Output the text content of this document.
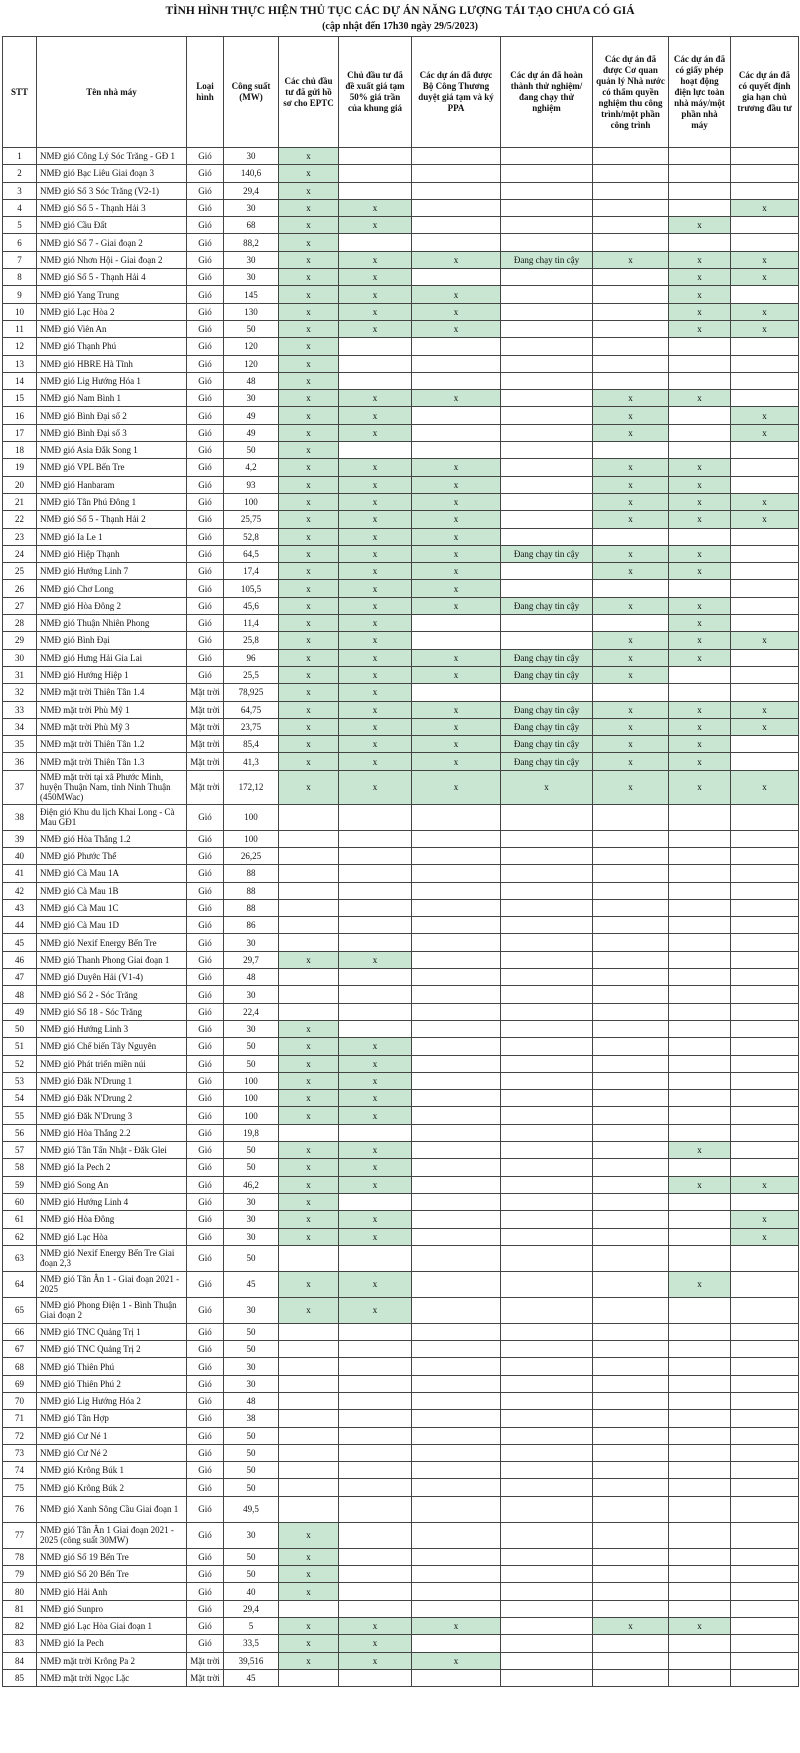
TÌNH HÌNH THỰC HIỆN THỦ TỤC CÁC DỰ ÁN NĂNG LƯỢNG TÁI TẠO CHƯA CÓ GIÁ
(cập nhật đến 17h30 ngày 29/5/2023)
STT	Tên nhà máy	Loại hình	Công suất (MW)	Các chủ đầu tư đã gửi hồ sơ cho EPTC	Chủ đầu tư đã đề xuất giá tạm 50% giá trần của khung giá	Các dự án đã được Bộ Công Thương duyệt giá tạm và ký PPA	Các dự án đã hoàn thành thử nghiệm/đang chạy thử nghiệm	Các dự án đã được Cơ quan quản lý Nhà nước có thẩm quyền nghiệm thu công trình/một phần công trình	Các dự án đã có giấy phép hoạt động điện lực toàn nhà máy/một phần nhà máy	Các dự án đã có quyết định gia hạn chủ trương đầu tư
1	NMĐ gió Công Lý Sóc Trăng - GĐ 1	Gió	30	x						
2	NMĐ gió Bạc Liêu Giai đoạn 3	Gió	140,6	x						
3	NMĐ gió Số 3 Sóc Trăng (V2-1)	Gió	29,4	x						
4	NMĐ gió Số 5 - Thạnh Hải 3	Gió	30	x	x					x
5	NMĐ gió Cầu Đất	Gió	68	x	x				x	
6	NMĐ gió Số 7 - Giai đoạn 2	Gió	88,2	x						
7	NMĐ gió Nhơn Hội - Giai đoạn 2	Gió	30	x	x	x	Đang chạy tin cậy	x	x	x
8	NMĐ gió Số 5 - Thạnh Hải 4	Gió	30	x	x				x	x
9	NMĐ gió Yang Trung	Gió	145	x	x	x			x	
10	NMĐ gió Lạc Hòa 2	Gió	130	x	x	x			x	x
11	NMĐ gió Viên An	Gió	50	x	x	x			x	x
12	NMĐ gió Thạnh Phú	Gió	120	x						
13	NMĐ gió HBRE Hà Tĩnh	Gió	120	x						
14	NMĐ gió Lig Hướng Hóa 1	Gió	48	x						
15	NMĐ gió Nam Bình 1	Gió	30	x	x	x		x	x	
16	NMĐ gió Bình Đại số 2	Gió	49	x	x			x		x
17	NMĐ gió Bình Đại số 3	Gió	49	x	x			x		x
18	NMĐ gió Asia Đắk Song 1	Gió	50	x						
19	NMĐ gió VPL Bến Tre	Gió	4,2	x	x	x		x	x	
20	NMĐ gió Hanbaram	Gió	93	x	x	x		x	x	
21	NMĐ gió Tân Phú Đông 1	Gió	100	x	x	x		x	x	x
22	NMĐ gió Số 5 - Thạnh Hải 2	Gió	25,75	x	x	x		x	x	x
23	NMĐ gió Ia Le 1	Gió	52,8	x	x	x				
24	NMĐ gió Hiệp Thạnh	Gió	64,5	x	x	x	Đang chạy tin cậy	x	x	
25	NMĐ gió Hướng Linh 7	Gió	17,4	x	x	x		x	x	
26	NMĐ gió Chơ Long	Gió	105,5	x	x	x				
27	NMĐ gió Hòa Đông 2	Gió	45,6	x	x	x	Đang chạy tin cậy	x	x	
28	NMĐ gió Thuận Nhiên Phong	Gió	11,4	x	x				x	
29	NMĐ gió Bình Đại	Gió	25,8	x	x			x	x	x
30	NMĐ gió Hưng Hải Gia Lai	Gió	96	x	x	x	Đang chạy tin cậy	x	x	
31	NMĐ gió Hướng Hiệp 1	Gió	25,5	x	x	x	Đang chạy tin cậy	x		
32	NMĐ mặt trời Thiên Tân 1.4	Mặt trời	78,925	x	x					
33	NMĐ mặt trời Phù Mỹ 1	Mặt trời	64,75	x	x	x	Đang chạy tin cậy	x	x	x
34	NMĐ mặt trời Phù Mỹ 3	Mặt trời	23,75	x	x	x	Đang chạy tin cậy	x	x	x
35	NMĐ mặt trời Thiên Tân 1.2	Mặt trời	85,4	x	x	x	Đang chạy tin cậy	x	x	
36	NMĐ mặt trời Thiên Tân 1.3	Mặt trời	41,3	x	x	x	Đang chạy tin cậy	x	x	
37	NMĐ mặt trời tại xã Phước Minh, huyện Thuận Nam, tỉnh Ninh Thuận (450MWac)	Mặt trời	172,12	x	x	x	x	x	x	x
38	Điện gió Khu du lịch Khai Long - Cà Mau GĐ1	Gió	100							
39	NMĐ gió Hòa Thắng 1.2	Gió	100							
40	NMĐ gió Phước Thể	Gió	26,25							
41	NMĐ gió Cà Mau 1A	Gió	88							
42	NMĐ gió Cà Mau 1B	Gió	88							
43	NMĐ gió Cà Mau 1C	Gió	88							
44	NMĐ gió Cà Mau 1D	Gió	86							
45	NMĐ gió Nexif Energy Bến Tre	Gió	30							
46	NMĐ gió Thanh Phong Giai đoạn 1	Gió	29,7	x	x					
47	NMĐ gió Duyên Hải (V1-4)	Gió	48							
48	NMĐ gió Số 2 - Sóc Trăng	Gió	30							
49	NMĐ gió Số 18 - Sóc Trăng	Gió	22,4							
50	NMĐ gió Hướng Linh 3	Gió	30	x						
51	NMĐ gió Chế biến Tây Nguyên	Gió	50	x	x					
52	NMĐ gió Phát triển miền núi	Gió	50	x	x					
53	NMĐ gió Đăk N'Drung 1	Gió	100	x	x					
54	NMĐ gió Đăk N'Drung 2	Gió	100	x	x					
55	NMĐ gió Đăk N'Drung 3	Gió	100	x	x					
56	NMĐ gió Hòa Thắng 2.2	Gió	19,8							
57	NMĐ gió Tân Tấn Nhật - Đăk Glei	Gió	50	x	x				x	
58	NMĐ gió Ia Pech 2	Gió	50	x	x					
59	NMĐ gió Song An	Gió	46,2	x	x				x	x
60	NMĐ gió Hướng Linh 4	Gió	30	x						
61	NMĐ gió Hòa Đông	Gió	30	x	x					x
62	NMĐ gió Lạc Hòa	Gió	30	x	x					x
63	NMĐ gió Nexif Energy Bến Tre Giai đoạn 2,3	Gió	50							
64	NMĐ gió Tân Ân 1 - Giai đoạn 2021 - 2025	Gió	45	x	x				x	
65	NMĐ gió Phong Điện 1 - Bình Thuận Giai đoạn 2	Gió	30	x	x					
66	NMĐ gió TNC Quảng Trị 1	Gió	50							
67	NMĐ gió TNC Quảng Trị 2	Gió	50							
68	NMĐ gió Thiên Phú	Gió	30							
69	NMĐ gió Thiên Phú 2	Gió	30							
70	NMĐ gió Lig Hướng Hóa 2	Gió	48							
71	NMĐ gió Tân Hợp	Gió	38							
72	NMĐ gió Cư Né 1	Gió	50							
73	NMĐ gió Cư Né 2	Gió	50							
74	NMĐ gió Krông Búk 1	Gió	50							
75	NMĐ gió Krông Búk 2	Gió	50							
76	NMĐ gió Xanh Sông Cầu Giai đoạn 1	Gió	49,5							
77	NMĐ gió Tân Ân 1 Giai đoạn 2021 - 2025 (công suất 30MW)	Gió	30	x						
78	NMĐ gió Số 19 Bến Tre	Gió	50	x						
79	NMĐ gió Số 20 Bến Tre	Gió	50	x						
80	NMĐ gió Hải Anh	Gió	40	x						
81	NMĐ gió Sunpro	Gió	29,4							
82	NMĐ gió Lạc Hòa Giai đoạn 1	Gió	5	x	x	x		x	x	
83	NMĐ gió Ia Pech	Gió	33,5	x	x					
84	NMĐ mặt trời Krông Pa 2	Mặt trời	39,516	x	x	x				
85	NMĐ mặt trời Ngọc Lặc	Mặt trời	45							
